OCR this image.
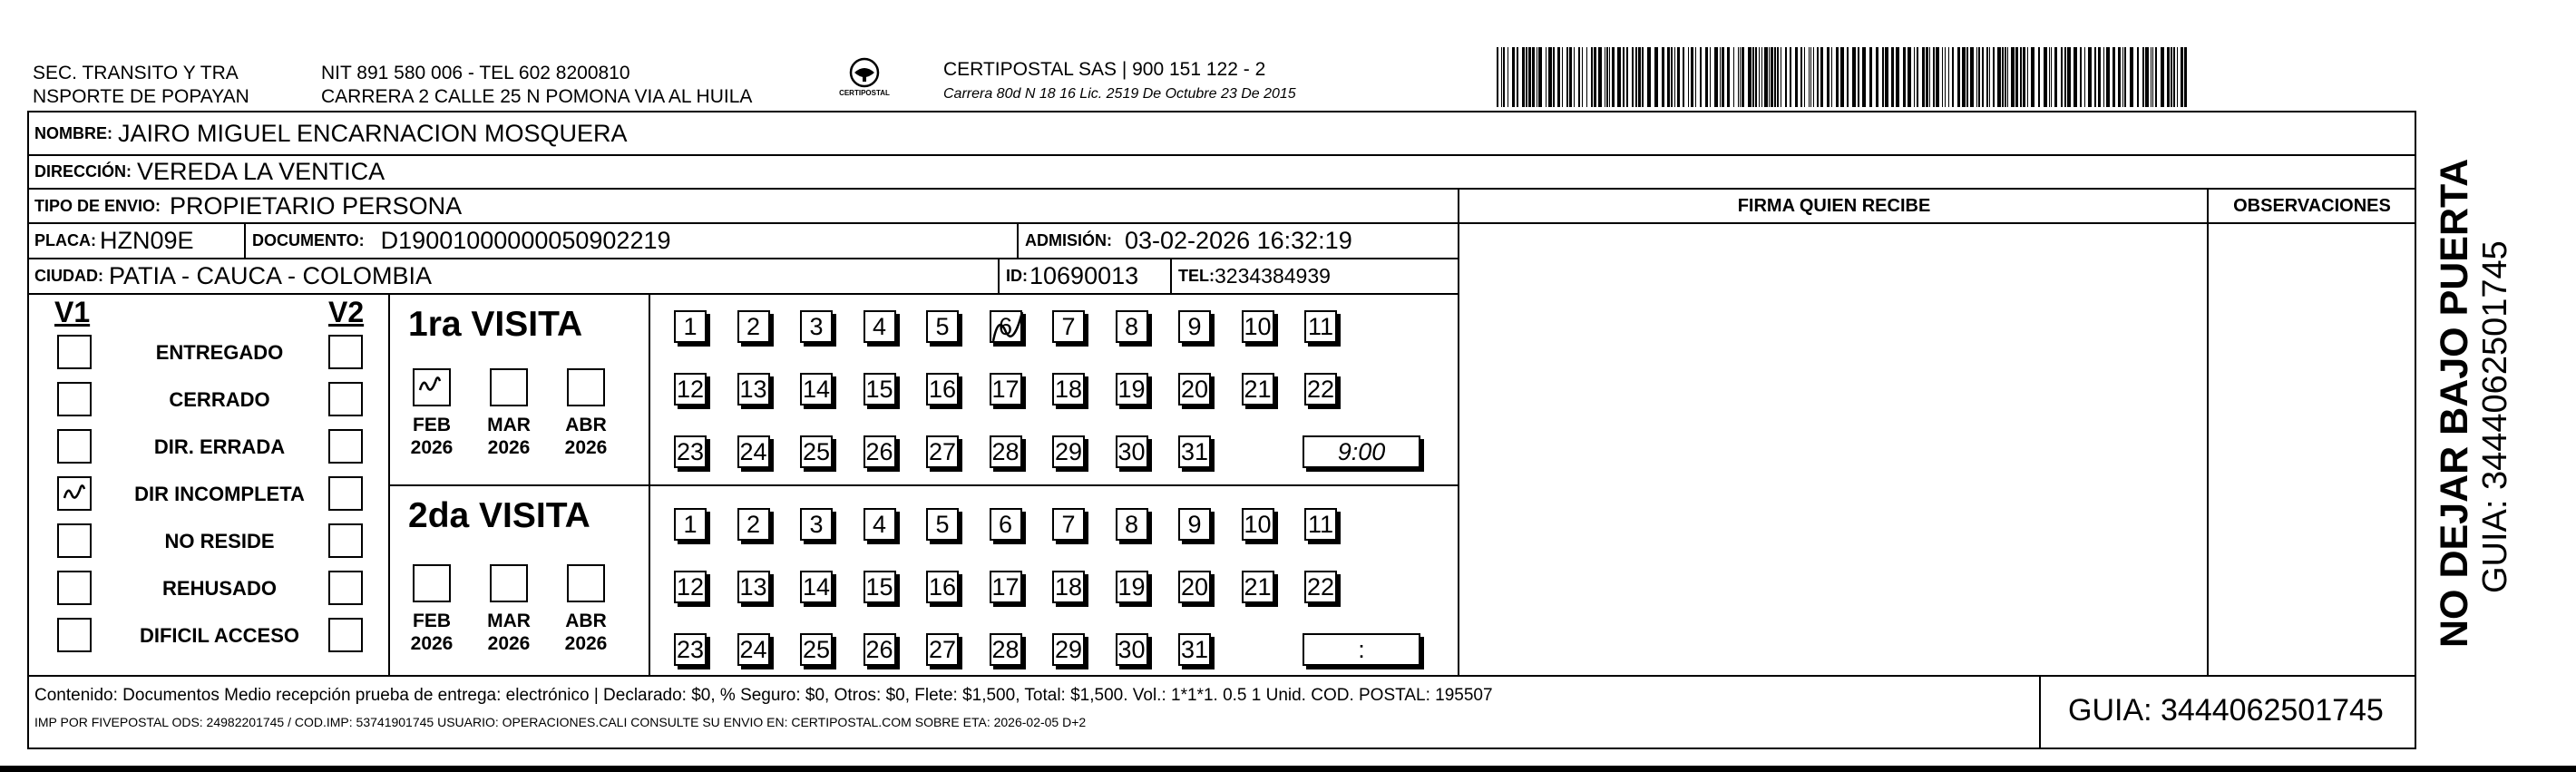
SEC. TRANSITO Y TRA
NSPORTE DE POPAYAN
NIT 891 580 006 - TEL 602 8200810
CARRERA 2 CALLE 25 N POMONA VIA AL HUILA	CERTIPOSTAL
CERTIPOSTAL SAS | 900 151 122 - 2
Carrera 80d N 18 16 Lic. 2519 De Octubre 23 De 2015
NOMBRE: JAIRO MIGUEL ENCARNACION MOSQUERA
DIRECCIÓN: VEREDA LA VENTICA
TIPO DE ENVIO: PROPIETARIO PERSONA	FIRMA QUIEN RECIBE	OBSERVACIONES
PLACA: HZN09E	DOCUMENTO: D19001000000050902219	ADMISIÓN: 03-02-2026 16:32:19
CIUDAD: PATIA - CAUCA - COLOMBIA	ID: 10690013 TEL: 3234384939
V1	V2
ENTREGADO
CERRADO
DIR. ERRADA
DIR INCOMPLETA
NO RESIDE
REHUSADO
DIFICIL ACCESO
1ra VISITA
2da VISITA
FEB
2026
MAR
2026
ABR
2026
FEB
2026
MAR
2026
ABR
2026
1	2	3	4	5	6	7	8	9	10 11
12 13 14 15 16 17 18 19 20 21 22
23 24 25 26 27 28 29 30 31	9:00
1	2	3	4	5	6	7	8	9	10 11
12 13 14 15 16 17 18 19 20 21 22
23 24 25 26 27 28 29 30 31	:
Contenido: Documentos Medio recepción prueba de entrega: electrónico | Declarado: $0, % Seguro: $0, Otros: $0, Flete: $1,500, Total: $1,500. Vol.: 1*1*1. 0.5 1 Unid. COD. POSTAL: 195507
IMP POR FIVEPOSTAL ODS: 24982201745 / COD.IMP: 53741901745 USUARIO: OPERACIONES.CALI CONSULTE SU ENVIO EN: CERTIPOSTAL.COM SOBRE ETA: 2026-02-05 D+2	GUIA: 3444062501745
NO DEJAR BAJO PUERTA GUIA: 3444062501745
